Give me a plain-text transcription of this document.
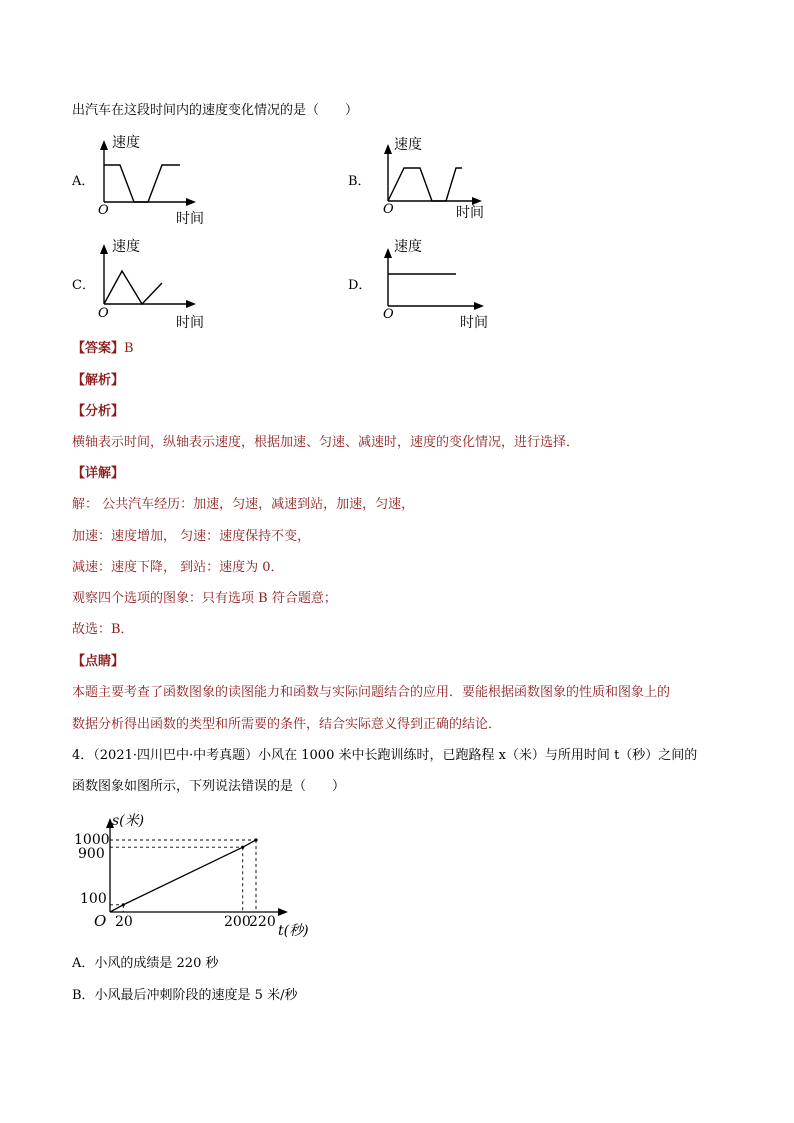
出汽车在这段时间内的速度变化情况的是（　　）
A．
速度
时间
O
B．
速度
时间
O
C．
速度
时间
O
D．
速度
时间
O
【答案】B
【解析】
【分析】
横轴表示时间，纵轴表示速度，根据加速、匀速、减速时，速度的变化情况，进行选择．
【详解】
解： 公共汽车经历：加速，匀速，减速到站，加速，匀速，
加速：速度增加， 匀速：速度保持不变，
减速：速度下降， 到站：速度为 0．
观察四个选项的图象：只有选项 B 符合题意；
故选：B．
【点睛】
本题主要考查了函数图象的读图能力和函数与实际问题结合的应用．要能根据函数图象的性质和图象上的
数据分析得出函数的类型和所需要的条件，结合实际意义得到正确的结论．
4．（2021·四川巴中·中考真题）小风在 1000 米中长跑训练时，已跑路程 x（米）与所用时间 t（秒）之间的
函数图象如图所示，下列说法错误的是（　　）
s(米)
t(秒)
O
1000
900
100
20	200
220
A．小风的成绩是 220 秒
B．小风最后冲刺阶段的速度是 5 米/秒
